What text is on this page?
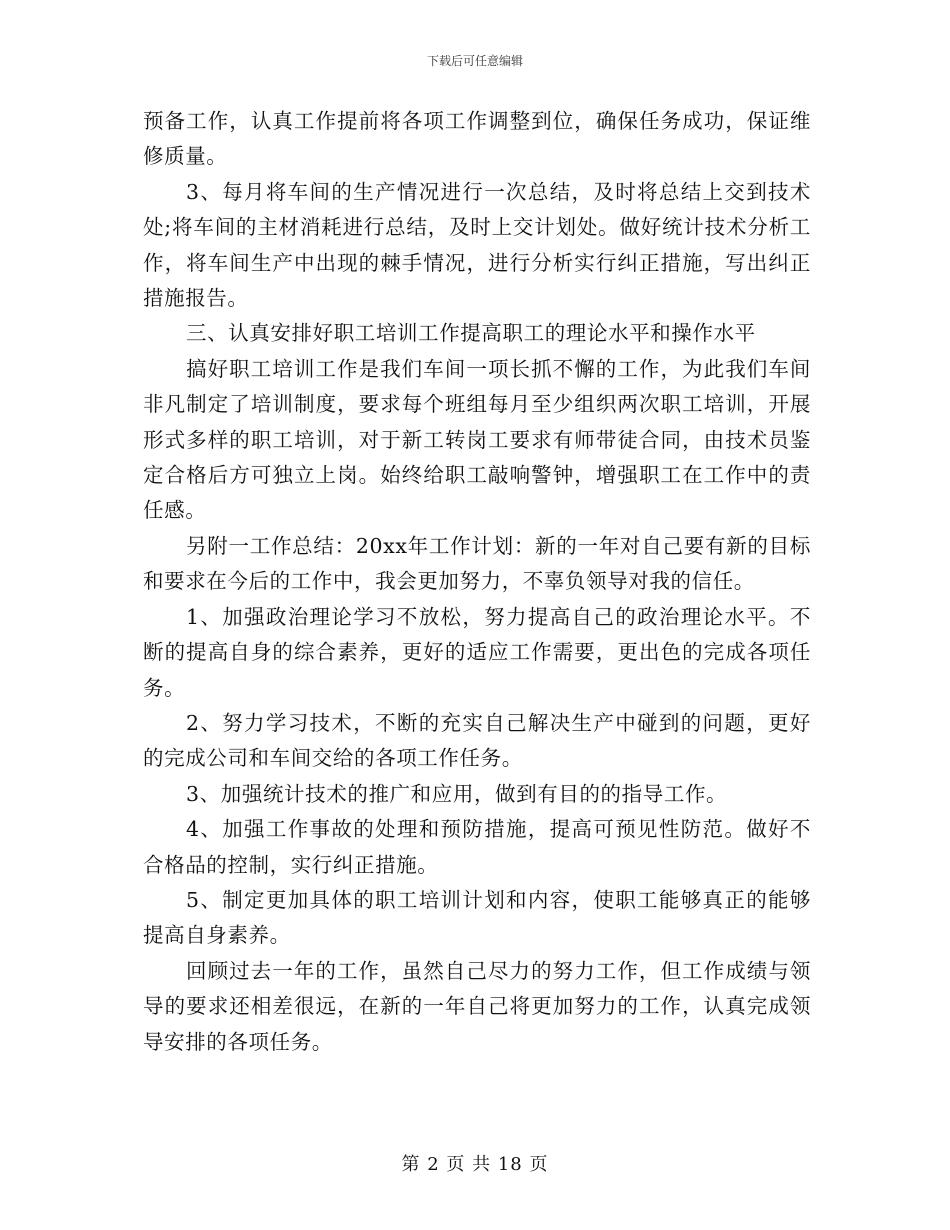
下载后可任意编辑

预备工作，认真工作提前将各项工作调整到位，确保任务成功，保证维修质量。

3、每月将车间的生产情况进行一次总结，及时将总结上交到技术处;将车间的主材消耗进行总结，及时上交计划处。做好统计技术分析工作，将车间生产中出现的棘手情况，进行分析实行纠正措施，写出纠正措施报告。

三、认真安排好职工培训工作提高职工的理论水平和操作水平

搞好职工培训工作是我们车间一项长抓不懈的工作，为此我们车间非凡制定了培训制度，要求每个班组每月至少组织两次职工培训，开展形式多样的职工培训，对于新工转岗工要求有师带徒合同，由技术员鉴定合格后方可独立上岗。始终给职工敲响警钟，增强职工在工作中的责任感。

另附一工作总结：20xx年工作计划：新的一年对自己要有新的目标和要求在今后的工作中，我会更加努力，不辜负领导对我的信任。

1、加强政治理论学习不放松，努力提高自己的政治理论水平。不断的提高自身的综合素养，更好的适应工作需要，更出色的完成各项任务。

2、努力学习技术，不断的充实自己解决生产中碰到的问题，更好的完成公司和车间交给的各项工作任务。

3、加强统计技术的推广和应用，做到有目的的指导工作。

4、加强工作事故的处理和预防措施，提高可预见性防范。做好不合格品的控制，实行纠正措施。

5、制定更加具体的职工培训计划和内容，使职工能够真正的能够提高自身素养。

回顾过去一年的工作，虽然自己尽力的努力工作，但工作成绩与领导的要求还相差很远，在新的一年自己将更加努力的工作，认真完成领导安排的各项任务。

第 2 页 共 18 页
